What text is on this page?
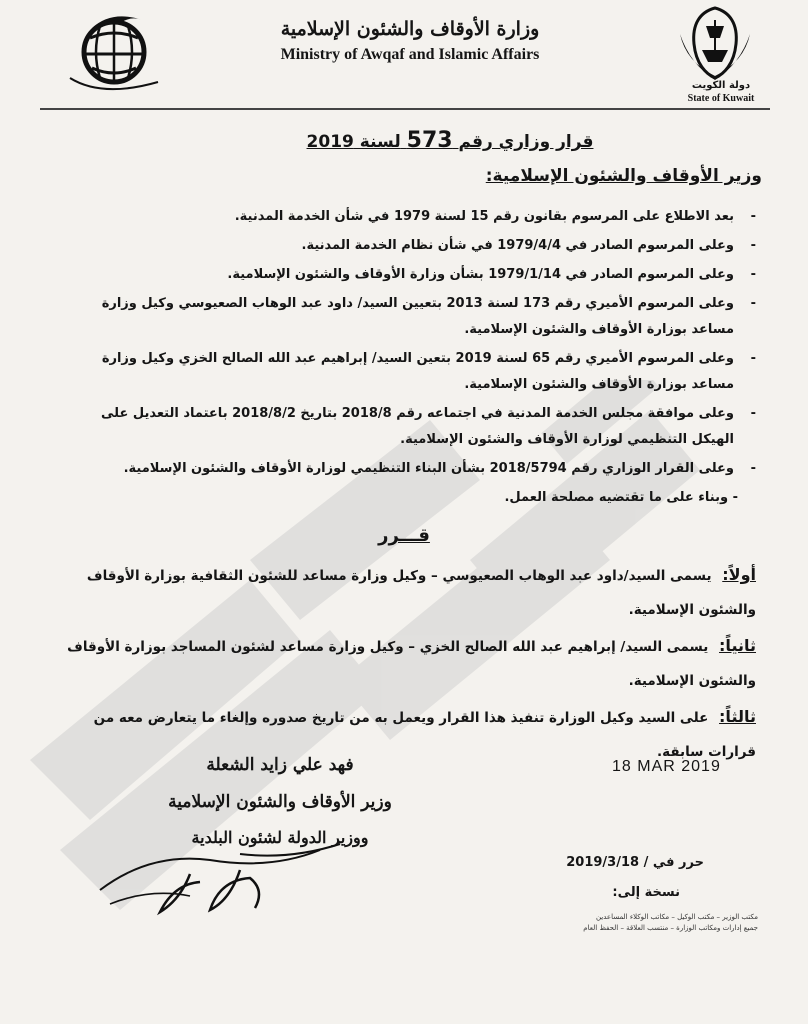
وزارة الأوقاف والشئون الإسلامية
Ministry of Awqaf and Islamic Affairs
دولة الكويت
State of Kuwait
قرار وزاري رقم 573 لسنة 2019
وزير الأوقاف والشئون الإسلامية:
-
بعد الاطلاع على المرسوم بقانون رقم 15 لسنة 1979 في شأن الخدمة المدنية.
-
وعلى المرسوم الصادر في 1979/4/4 في شأن نظام الخدمة المدنية.
-
وعلى المرسوم الصادر في 1979/1/14 بشأن وزارة الأوقاف والشئون الإسلامية.
-
وعلى المرسوم الأميري رقم 173 لسنة 2013 بتعيين السيد/ داود عبد الوهاب الصعيوسي وكيل وزارة مساعد بوزارة الأوقاف والشئون الإسلامية.
-
وعلى المرسوم الأميري رقم 65 لسنة 2019 بتعين السيد/ إبراهيم عبد الله الصالح الخزي وكيل وزارة مساعد بوزارة الأوقاف والشئون الإسلامية.
-
وعلى موافقة مجلس الخدمة المدنية في اجتماعه رقم 2018/8 بتاريخ 2018/8/2 باعتماد التعديل على الهيكل التنظيمي لوزارة الأوقاف والشئون الإسلامية.
-
وعلى القرار الوزاري رقم 2018/5794 بشأن البناء التنظيمي لوزارة الأوقاف والشئون الإسلامية.
- وبناء على ما تقتضيه مصلحة العمل.
قـــرر
أولاً: يسمى السيد/داود عبد الوهاب الصعيوسي – وكيل وزارة مساعد للشئون الثقافية بوزارة الأوقاف والشئون الإسلامية.
ثانياً: يسمى السيد/ إبراهيم عبد الله الصالح الخزي – وكيل وزارة مساعد لشئون المساجد بوزارة الأوقاف والشئون الإسلامية.
ثالثاً: على السيد وكيل الوزارة تنفيذ هذا القرار ويعمل به من تاريخ صدوره وإلغاء ما يتعارض معه من قرارات سابقة.
18 MAR 2019
فهد علي زايد الشعلة
وزير الأوقاف والشئون الإسلامية
ووزير الدولة لشئون البلدية
حرر في / 2019/3/18
نسخة إلى:
مكتب الوزير – مكتب الوكيل – مكاتب الوكلاء المساعدين
جميع إدارات ومكاتب الوزارة – منتسب العلاقة – الحفظ العام
